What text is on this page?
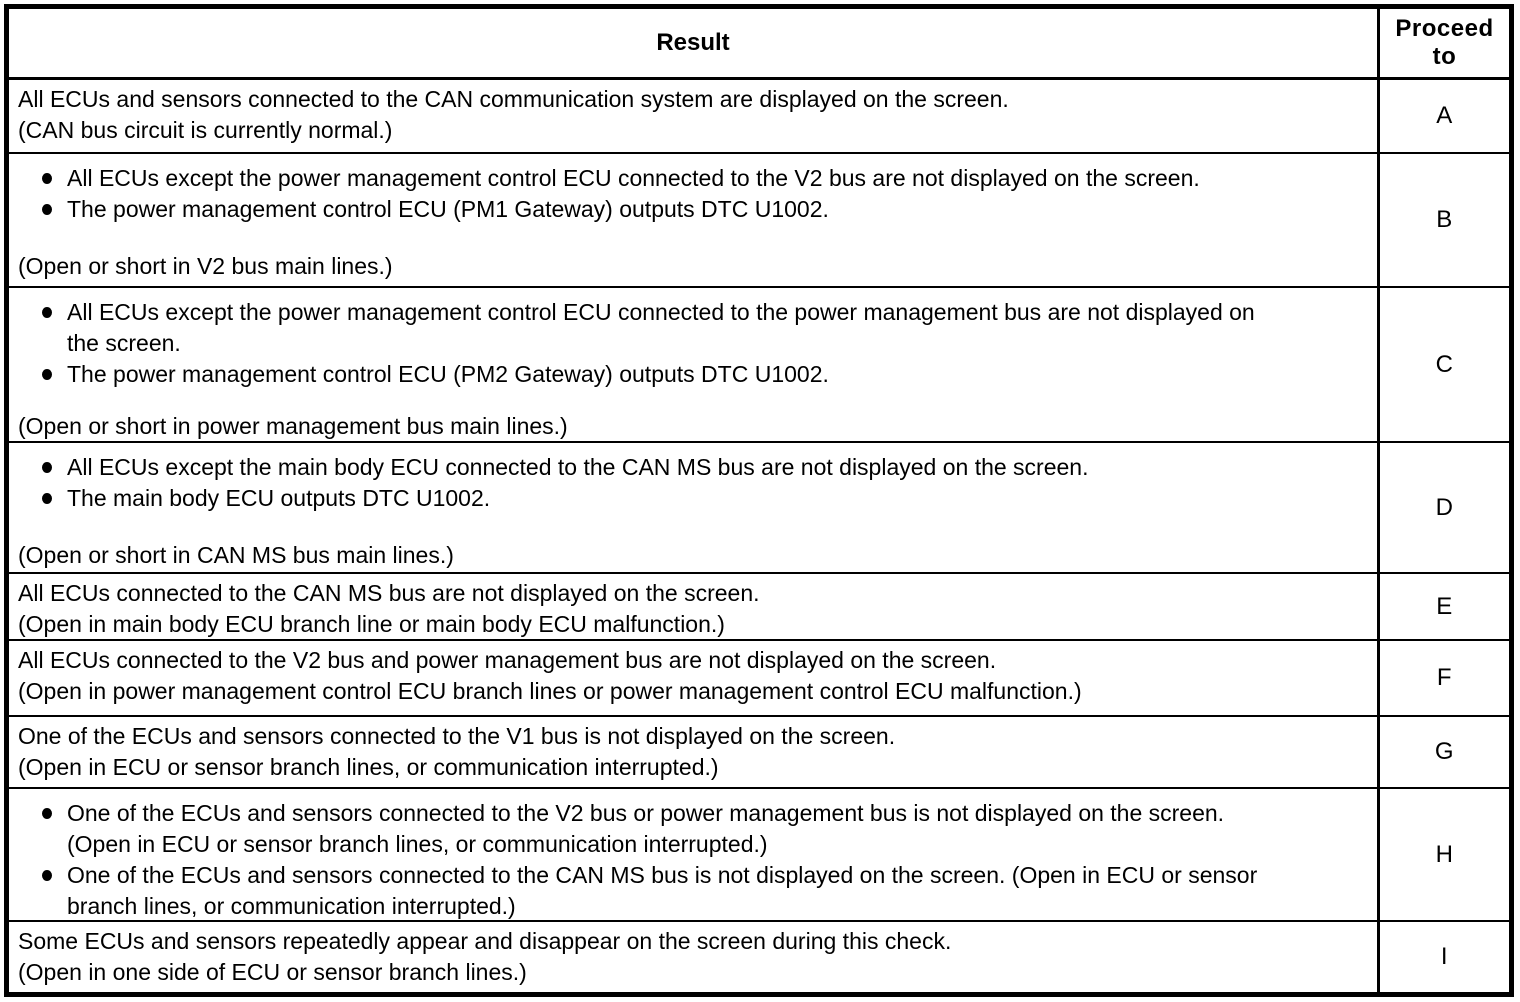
Result
Proceed to
All ECUs and sensors connected to the CAN communication system are displayed on the screen.
(CAN bus circuit is currently normal.)
A
All ECUs except the power management control ECU connected to the V2 bus are not displayed on the screen.
The power management control ECU (PM1 Gateway) outputs DTC U1002.
(Open or short in V2 bus main lines.)
B
All ECUs except the power management control ECU connected to the power management bus are not displayed on
the screen.
The power management control ECU (PM2 Gateway) outputs DTC U1002.
(Open or short in power management bus main lines.)
C
All ECUs except the main body ECU connected to the CAN MS bus are not displayed on the screen.
The main body ECU outputs DTC U1002.
(Open or short in CAN MS bus main lines.)
D
All ECUs connected to the CAN MS bus are not displayed on the screen.
(Open in main body ECU branch line or main body ECU malfunction.)
E
All ECUs connected to the V2 bus and power management bus are not displayed on the screen.
(Open in power management control ECU branch lines or power management control ECU malfunction.)	F
One of the ECUs and sensors connected to the V1 bus is not displayed on the screen.
(Open in ECU or sensor branch lines, or communication interrupted.)
G
One of the ECUs and sensors connected to the V2 bus or power management bus is not displayed on the screen.
(Open in ECU or sensor branch lines, or communication interrupted.)
One of the ECUs and sensors connected to the CAN MS bus is not displayed on the screen. (Open in ECU or sensor
branch lines, or communication interrupted.)
H
Some ECUs and sensors repeatedly appear and disappear on the screen during this check.
(Open in one side of ECU or sensor branch lines.)
I
